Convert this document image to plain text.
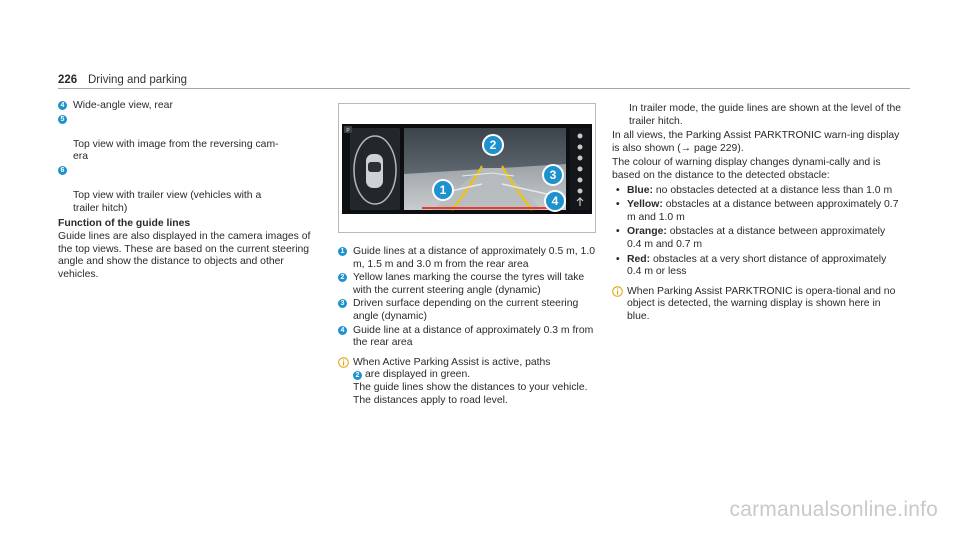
226 Driving and parking
4 Wide-angle view, rear

5

Top view with image from the reversing cam-
era

6

Top view with trailer view (vehicles with a
trailer hitch)

Function of the guide lines
Guide lines are also displayed in the camera images of the top views. These are based on the current steering angle and show the distance to objects and other vehicles.
P
1
2
3
4
1 Guide lines at a distance of approximately 0.5 m, 1.0 m, 1.5 m and 3.0 m from the rear area
2 Yellow lanes marking the course the tyres will take with the current steering angle (dynamic)
3 Driven surface depending on the current steering angle (dynamic)
4 Guide line at a distance of approximately 0.3 m from the rear area
When Active Parking Assist is active, paths
2 are displayed in green.
The guide lines show the distances to your vehicle. The distances apply to road level.
In trailer mode, the guide lines are shown at the level of the trailer hitch.
In all views, the Parking Assist PARKTRONIC warn-ing display is also shown (→ page 229).
The colour of warning display changes dynami-cally and is based on the distance to the detected obstacle:
• Blue: no obstacles detected at a distance less than 1.0 m
• Yellow: obstacles at a distance between approximately 0.7 m and 1.0 m
• Orange: obstacles at a distance between approximately 0.4 m and 0.7 m
• Red: obstacles at a very short distance of approximately 0.4 m or less
When Parking Assist PARKTRONIC is opera-tional and no object is detected, the warning display is shown here in blue.
carmanualsonline.info
